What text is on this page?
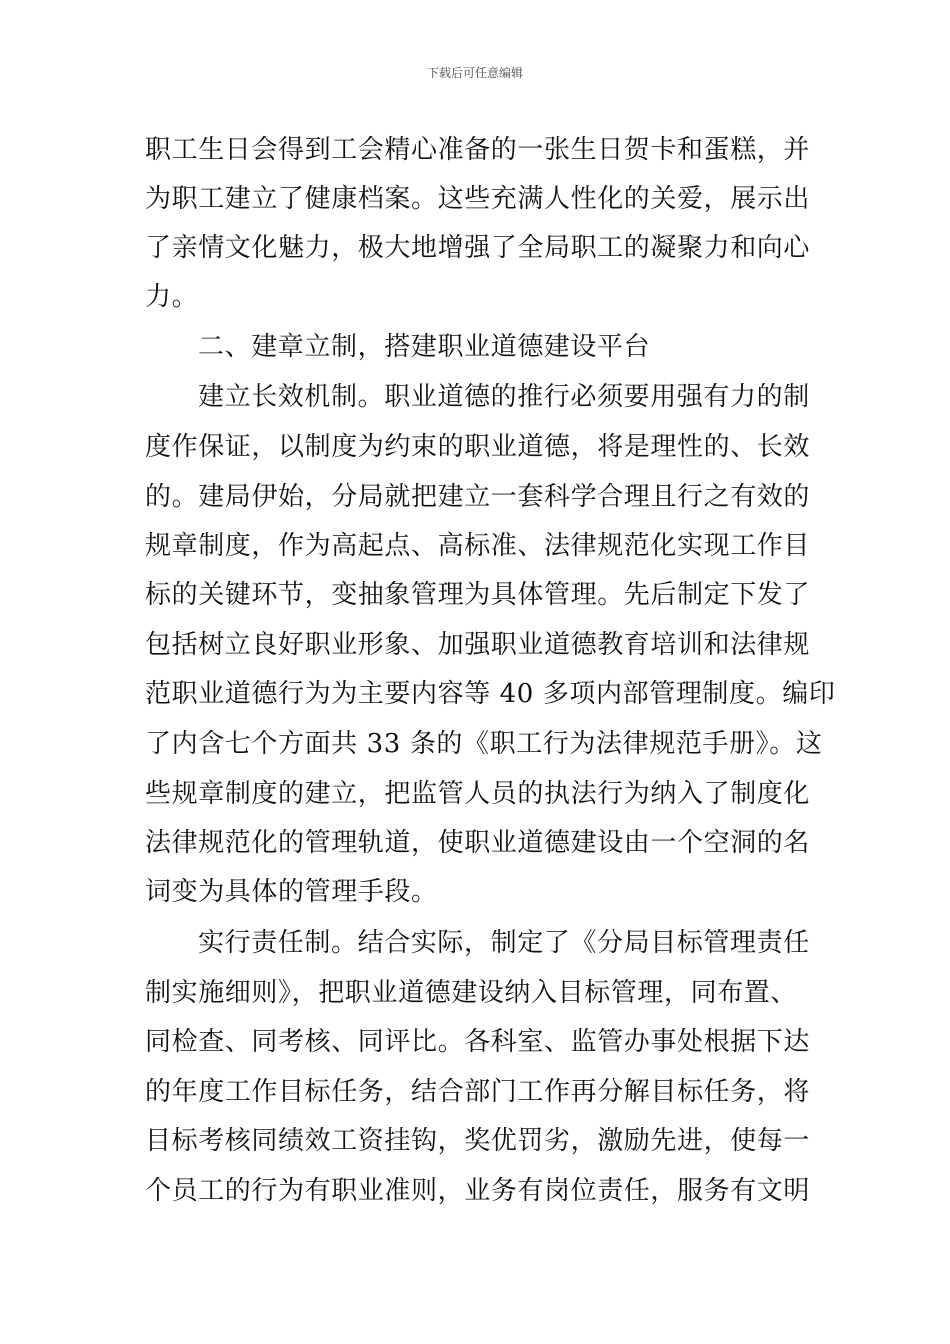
下载后可任意编辑
职工生日会得到工会精心准备的一张生日贺卡和蛋糕，并
为职工建立了健康档案。这些充满人性化的关爱，展示出
了亲情文化魅力，极大地增强了全局职工的凝聚力和向心
力。
二、建章立制，搭建职业道德建设平台
建立长效机制。职业道德的推行必须要用强有力的制
度作保证，以制度为约束的职业道德，将是理性的、长效
的。建局伊始，分局就把建立一套科学合理且行之有效的
规章制度，作为高起点、高标准、法律规范化实现工作目
标的关键环节，变抽象管理为具体管理。先后制定下发了
包括树立良好职业形象、加强职业道德教育培训和法律规
范职业道德行为为主要内容等 40 多项内部管理制度。编印
了内含七个方面共 33 条的《职工行为法律规范手册》。这
些规章制度的建立，把监管人员的执法行为纳入了制度化
法律规范化的管理轨道，使职业道德建设由一个空洞的名
词变为具体的管理手段。
实行责任制。结合实际，制定了《分局目标管理责任
制实施细则》，把职业道德建设纳入目标管理，同布置、
同检查、同考核、同评比。各科室、监管办事处根据下达
的年度工作目标任务，结合部门工作再分解目标任务，将
目标考核同绩效工资挂钩，奖优罚劣，激励先进，使每一
个员工的行为有职业准则，业务有岗位责任，服务有文明
